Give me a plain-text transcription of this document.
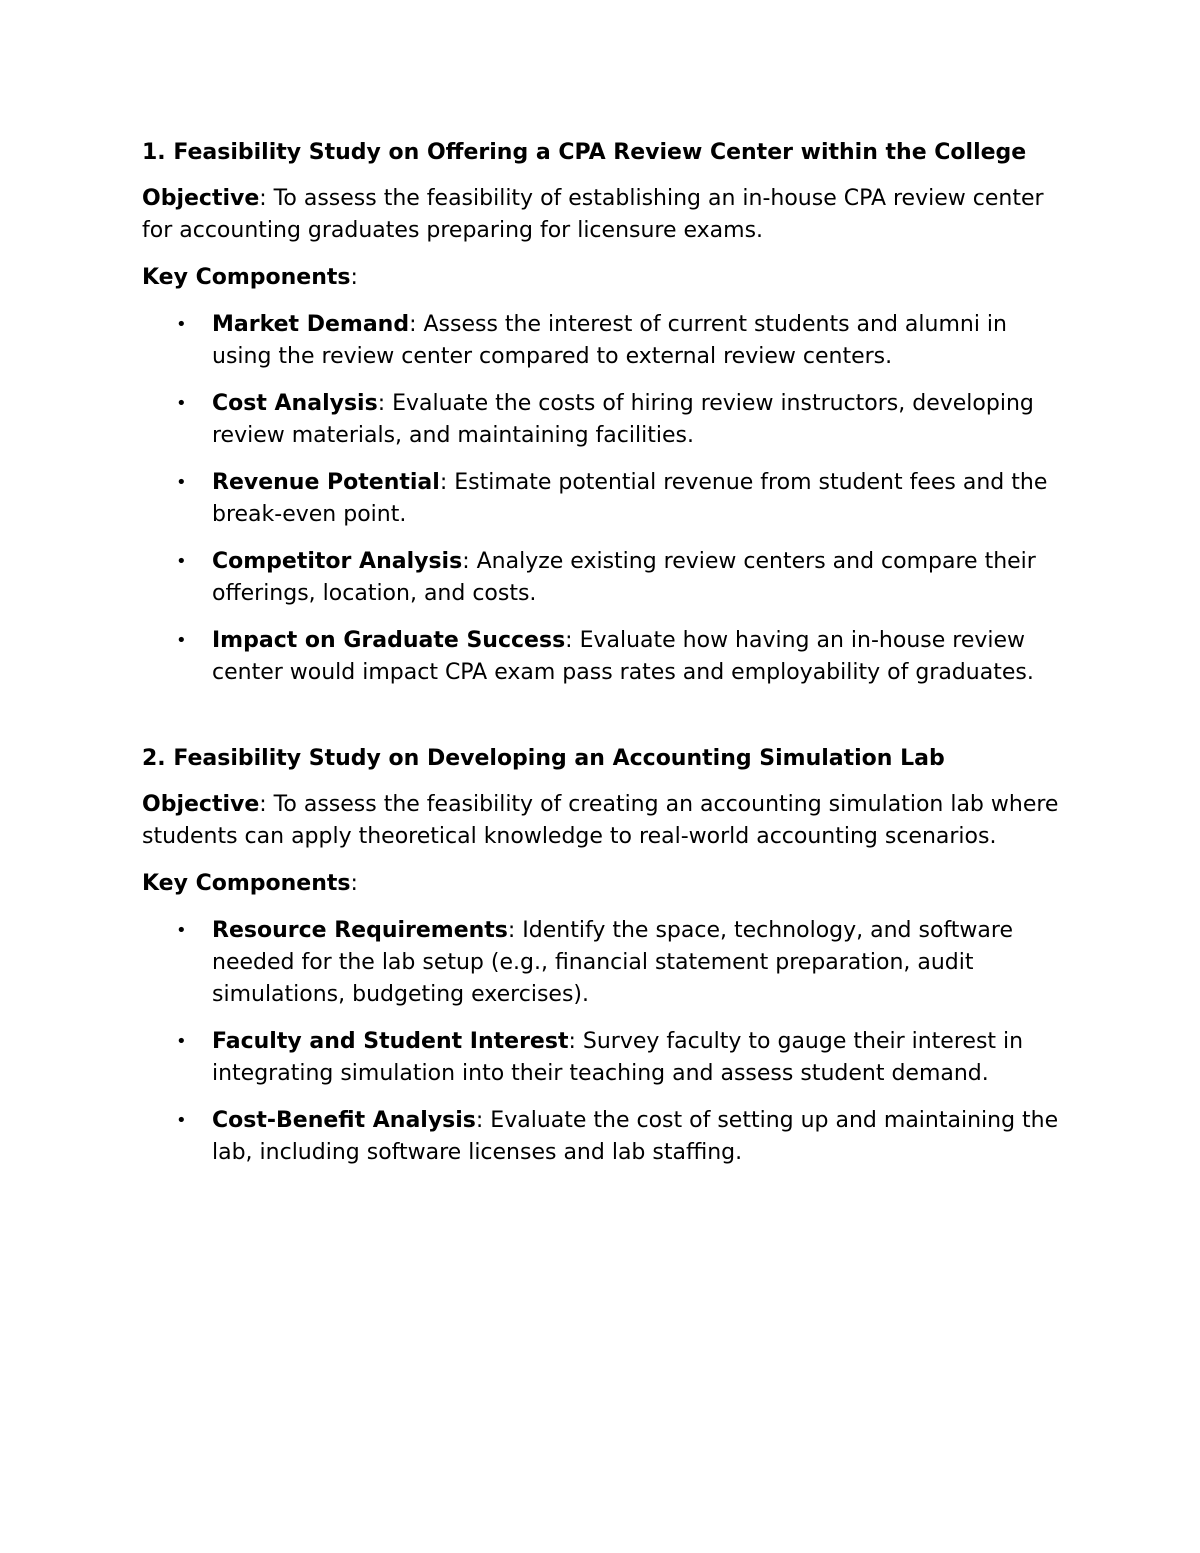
1. Feasibility Study on Offering a CPA Review Center within the College

Objective: To assess the feasibility of establishing an in-house CPA review center for accounting graduates preparing for licensure exams.

Key Components:

• Market Demand: Assess the interest of current students and alumni in using the review center compared to external review centers.
• Cost Analysis: Evaluate the costs of hiring review instructors, developing review materials, and maintaining facilities.
• Revenue Potential: Estimate potential revenue from student fees and the break-even point.
• Competitor Analysis: Analyze existing review centers and compare their offerings, location, and costs.
• Impact on Graduate Success: Evaluate how having an in-house review center would impact CPA exam pass rates and employability of graduates.
2. Feasibility Study on Developing an Accounting Simulation Lab

Objective: To assess the feasibility of creating an accounting simulation lab where students can apply theoretical knowledge to real-world accounting scenarios.

Key Components:

• Resource Requirements: Identify the space, technology, and software needed for the lab setup (e.g., financial statement preparation, audit simulations, budgeting exercises).
• Faculty and Student Interest: Survey faculty to gauge their interest in integrating simulation into their teaching and assess student demand.
• Cost-Benefit Analysis: Evaluate the cost of setting up and maintaining the lab, including software licenses and lab staffing.
